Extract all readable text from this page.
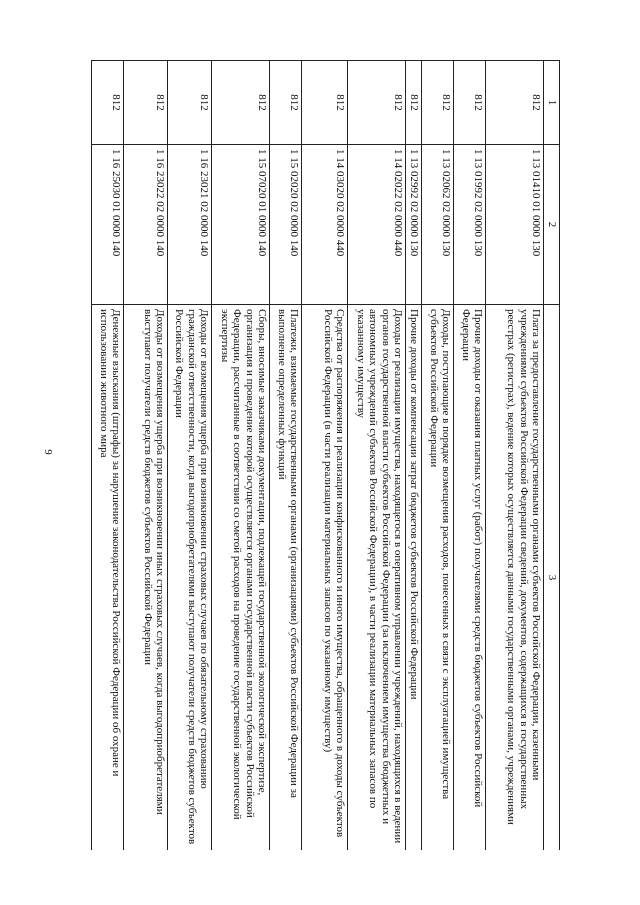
9
1	2	3
812	1 13 01410 01 0000 130	Плата за предоставление государственными органами субъектов Российской Федерации, казенными учреждениями субъектов Российской Федерации сведений, документов, содержащихся в государственных реестрах (регистрах), ведение которых осуществляется данными государственными органами, учреждениями
812	1 13 01992 02 0000 130	Прочие доходы от оказания платных услуг (работ) получателями средств бюджетов субъектов Российской Федерации
812	1 13 02062 02 0000 130	Доходы, поступающие в порядке возмещения расходов, понесенных в связи с эксплуатацией имущества субъектов Российской Федерации
812	1 13 02992 02 0000 130	Прочие доходы от компенсации затрат бюджетов субъектов Российской Федерации
812	1 14 02022 02 0000 440	Доходы от реализации имущества, находящегося в оперативном управлении учреждений, находящихся в ведении органов государственной власти субъектов Российской Федерации (за исключением имущества бюджетных и автономных учреждений субъектов Российской Федерации), в части реализации материальных запасов по указанному имуществу
812	1 14 03020 02 0000 440	Средства от распоряжения и реализации конфискованного и иного имущества, обращенного в доходы субъектов Российской Федерации (в части реализации материальных запасов по указанному имуществу)
812	1 15 02020 02 0000 140	Платежи, взимаемые государственными органами (организациями) субъектов Российской Федерации за выполнение определенных функций
812	1 15 07020 01 0000 140	Сборы, вносимые заказчиками документации, подлежащей государственной экологической экспертизе, организация и проведение которой осуществляется органами государственной власти субъектов Российской Федерации, рассчитанные в соответствии со сметой расходов на проведение государственной экологической экспертизы
812	1 16 23021 02 0000 140	Доходы от возмещения ущерба при возникновении страховых случаев по обязательному страхованию гражданской ответственности, когда выгодоприобретателями выступают получатели средств бюджетов субъектов Российской Федерации
812	1 16 23022 02 0000 140	Доходы от возмещения ущерба при возникновении иных страховых случаев, когда выгодоприобретателями выступают получатели средств бюджетов субъектов Российской Федерации
812	1 16 25030 01 0000 140	Денежные взыскания (штрафы) за нарушение законодательства Российской Федерации об охране и использовании животного мира
